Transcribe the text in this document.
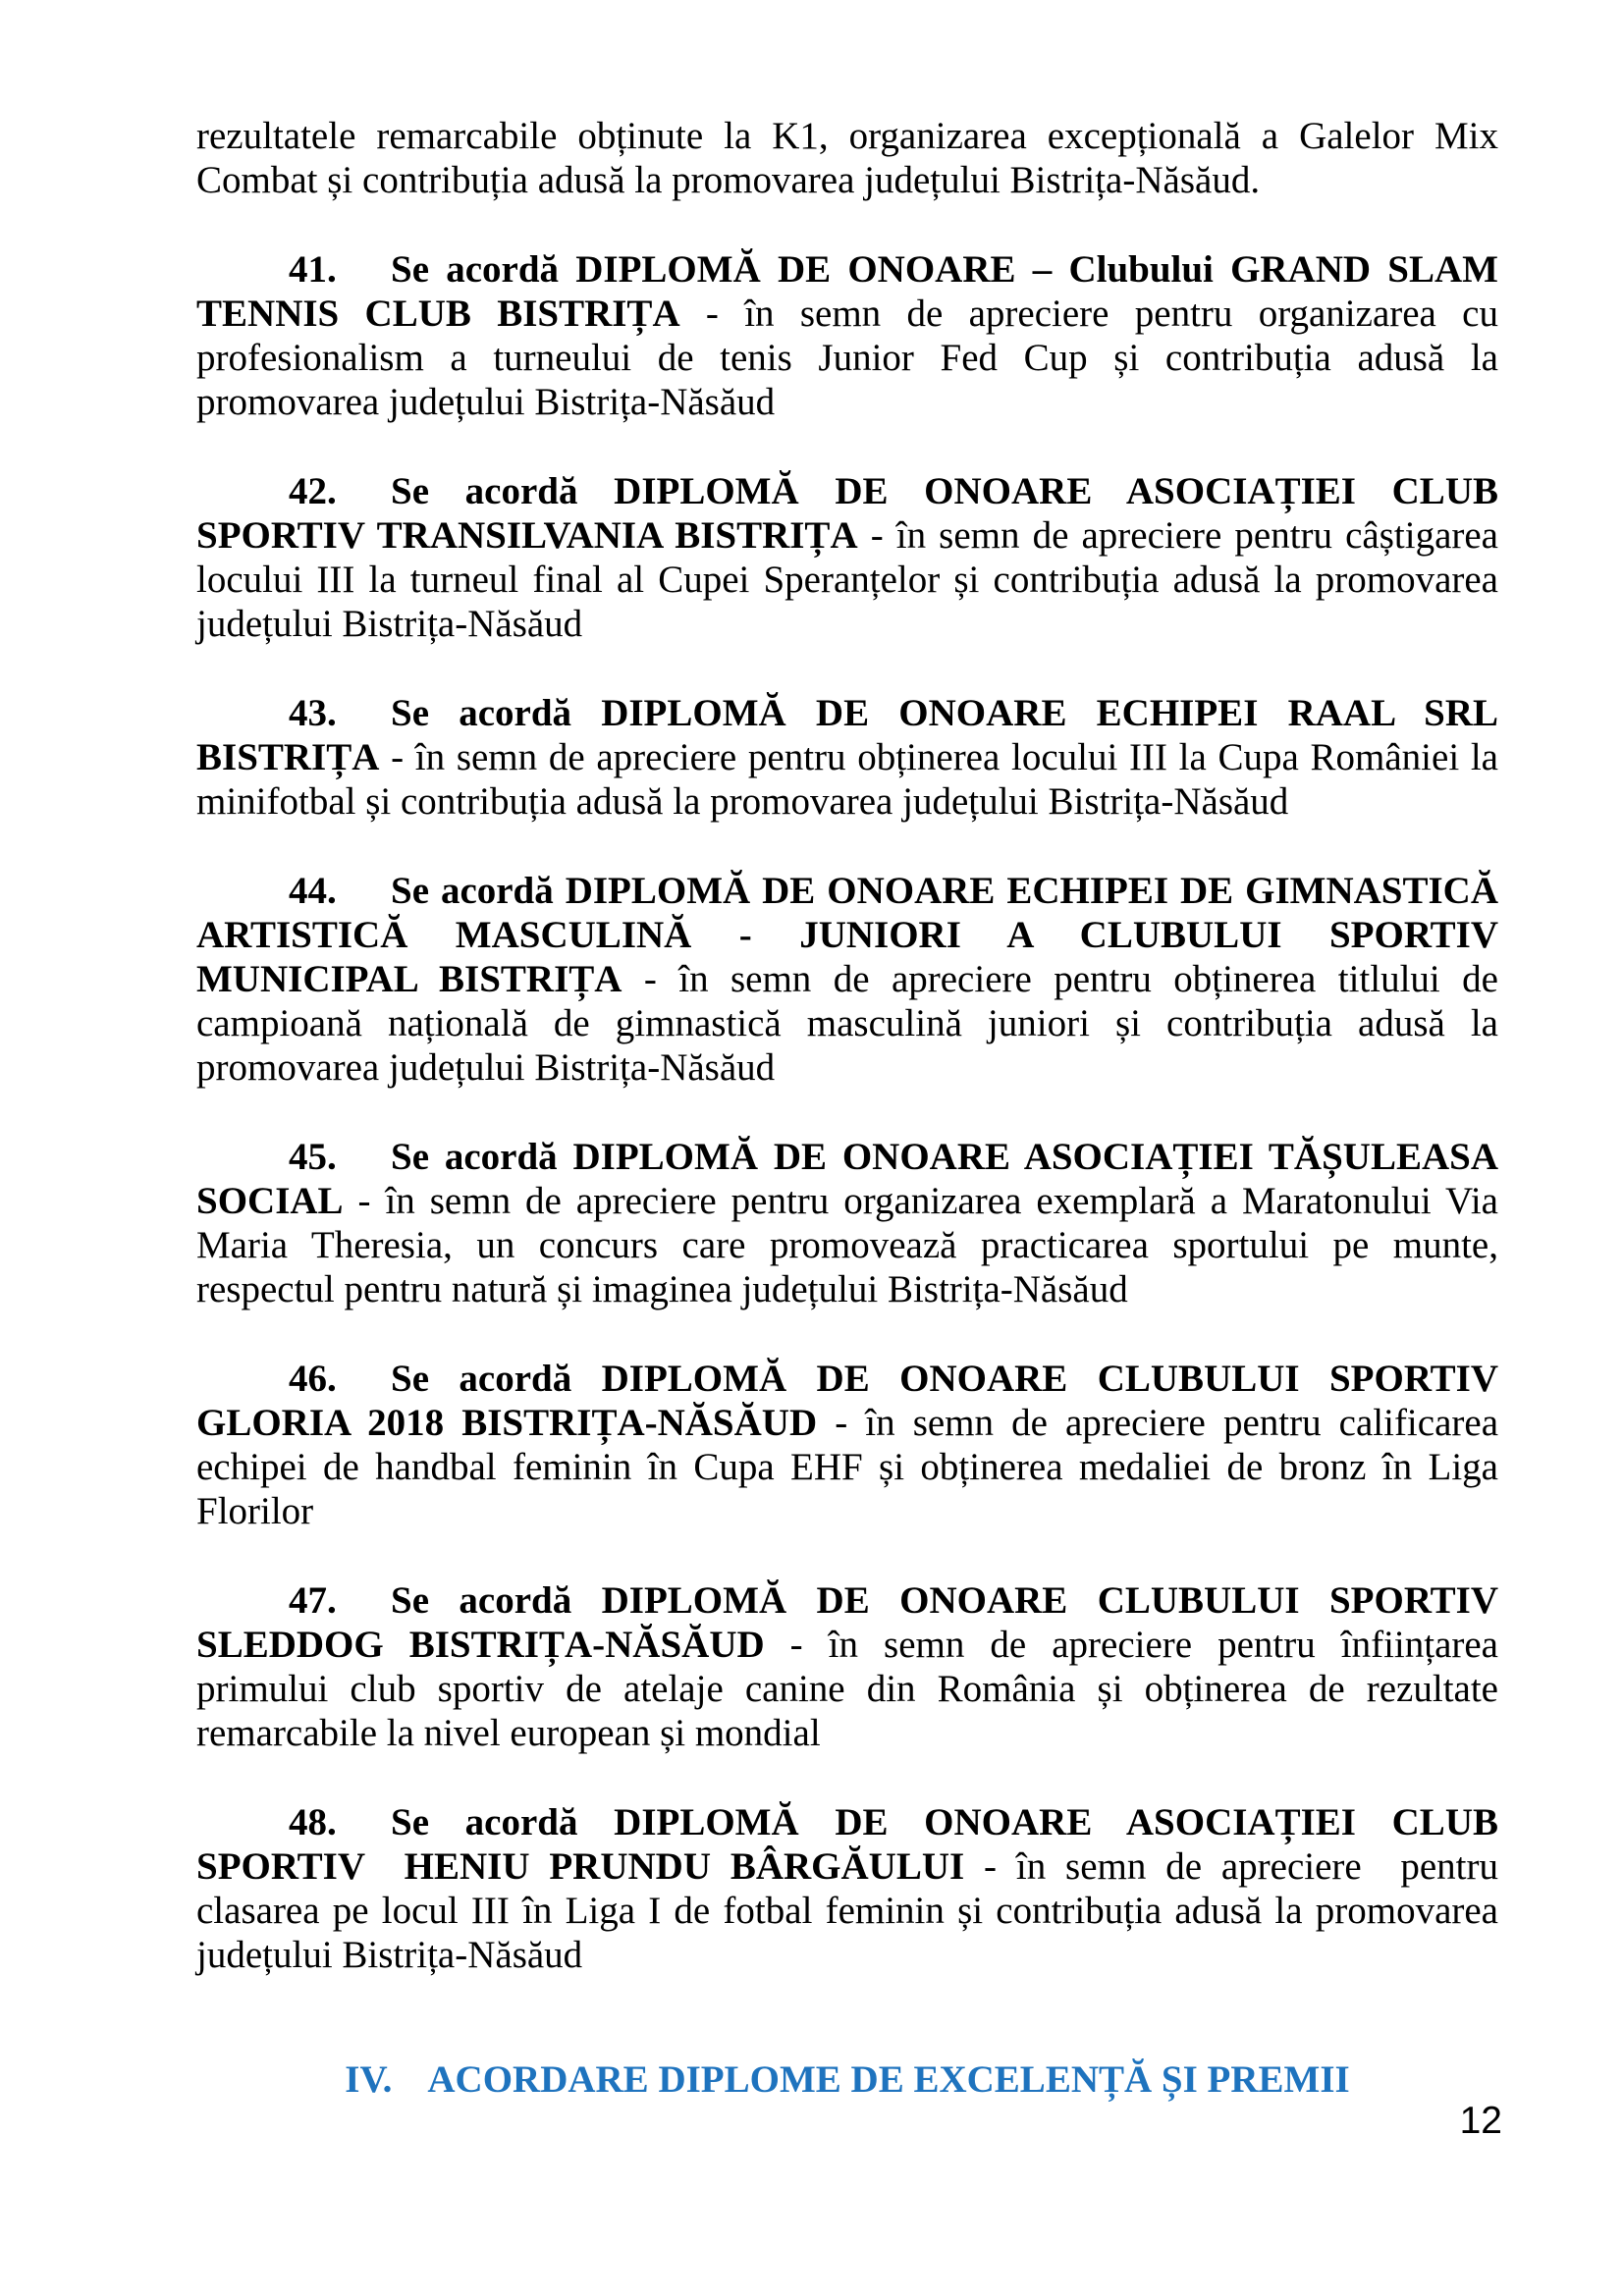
rezultatele remarcabile obținute la K1, organizarea excepțională a Galelor Mix Combat și contribuția adusă la promovarea județului Bistrița-Năsăud.

41. Se acordă DIPLOMĂ DE ONOARE – Clubului GRAND SLAM TENNIS CLUB BISTRIȚA - în semn de apreciere pentru organizarea cu profesionalism a turneului de tenis Junior Fed Cup și contribuția adusă la promovarea județului Bistrița-Năsăud

42. Se acordă DIPLOMĂ DE ONOARE ASOCIAȚIEI CLUB SPORTIV TRANSILVANIA BISTRIȚA - în semn de apreciere pentru câștigarea locului III la turneul final al Cupei Speranțelor și contribuția adusă la promovarea județului Bistrița-Năsăud

43. Se acordă DIPLOMĂ DE ONOARE ECHIPEI RAAL SRL BISTRIȚA - în semn de apreciere pentru obținerea locului III la Cupa României la minifotbal și contribuția adusă la promovarea județului Bistrița-Năsăud

44. Se acordă DIPLOMĂ DE ONOARE ECHIPEI DE GIMNASTICĂ ARTISTICĂ MASCULINĂ - JUNIORI A CLUBULUI SPORTIV MUNICIPAL BISTRIȚA - în semn de apreciere pentru obținerea titlului de campioană națională de gimnastică masculină juniori și contribuția adusă la promovarea județului Bistrița-Năsăud

45. Se acordă DIPLOMĂ DE ONOARE ASOCIAȚIEI TĂȘULEASA SOCIAL - în semn de apreciere pentru organizarea exemplară a Maratonului Via Maria Theresia, un concurs care promovează practicarea sportului pe munte, respectul pentru natură și imaginea județului Bistrița-Năsăud

46. Se acordă DIPLOMĂ DE ONOARE CLUBULUI SPORTIV GLORIA 2018 BISTRIȚA-NĂSĂUD - în semn de apreciere pentru calificarea echipei de handbal feminin în Cupa EHF și obținerea medaliei de bronz în Liga Florilor

47. Se acordă DIPLOMĂ DE ONOARE CLUBULUI SPORTIV SLEDDOG BISTRIȚA-NĂSĂUD - în semn de apreciere pentru înființarea primului club sportiv de atelaje canine din România și obținerea de rezultate remarcabile la nivel european și mondial

48. Se acordă DIPLOMĂ DE ONOARE ASOCIAȚIEI CLUB SPORTIV  HENIU PRUNDU BÂRGĂULUI - în semn de apreciere  pentru clasarea pe locul III în Liga I de fotbal feminin și contribuția adusă la promovarea județului Bistrița-Năsăud

IV. ACORDARE DIPLOME DE EXCELENȚĂ ȘI PREMII

12
